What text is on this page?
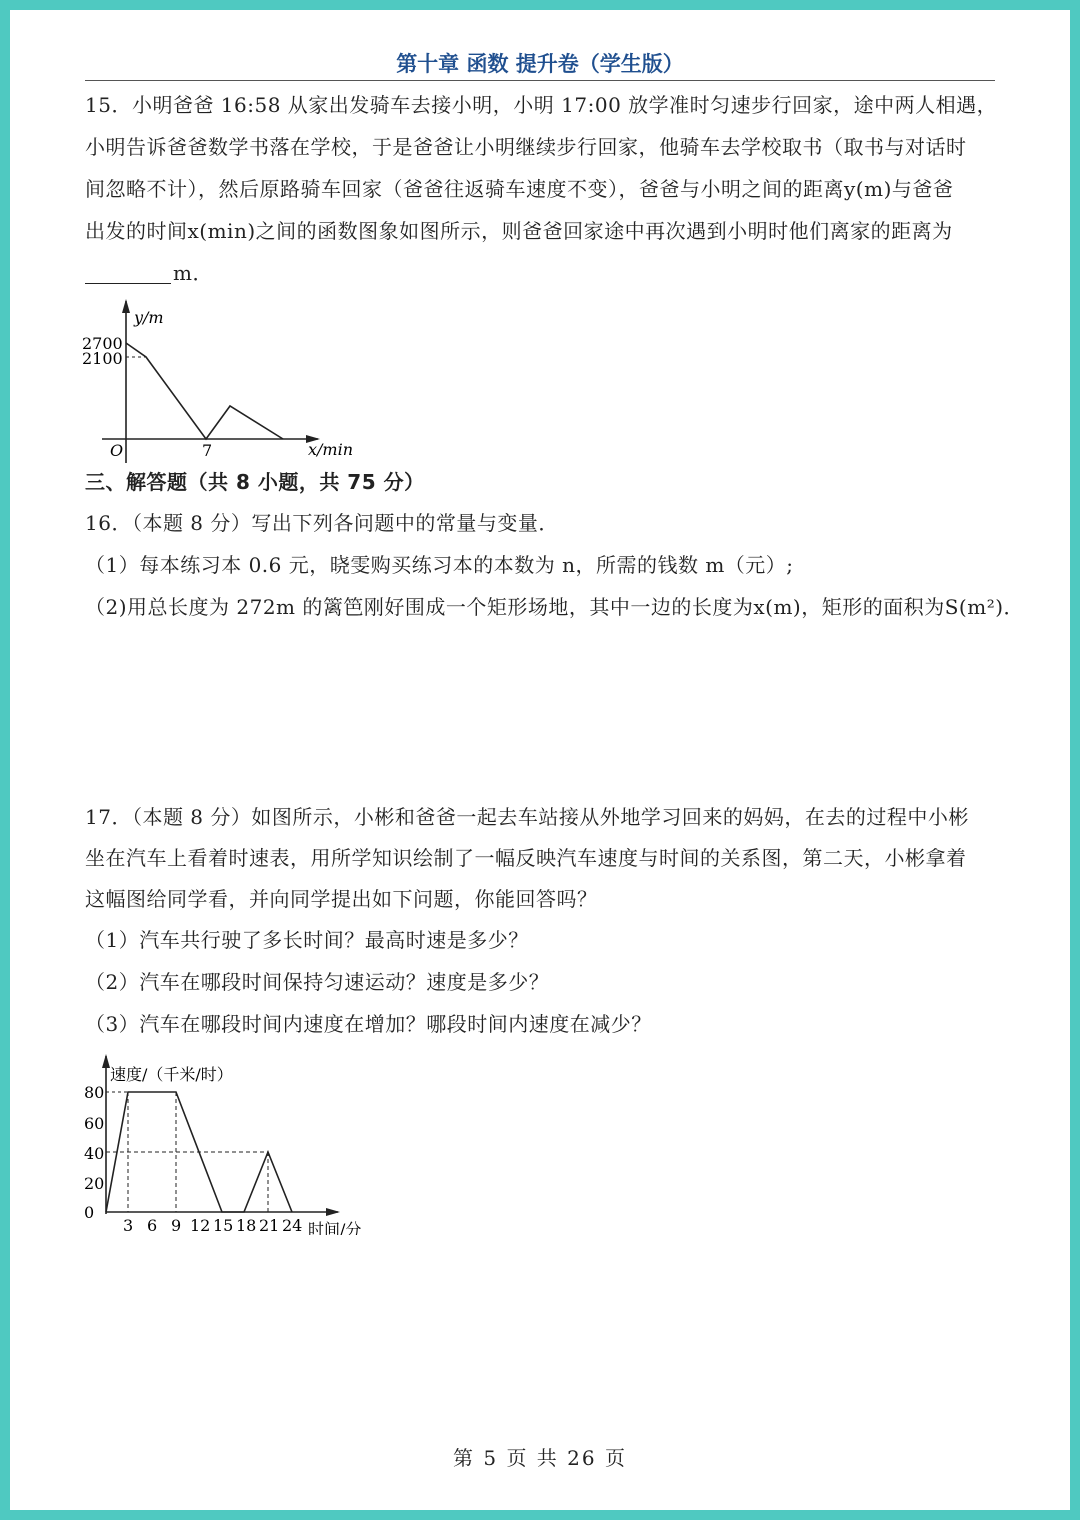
第十章 函数 提升卷（学生版）
15．小明爸爸 16:58 从家出发骑车去接小明，小明 17:00 放学准时匀速步行回家，途中两人相遇，
小明告诉爸爸数学书落在学校，于是爸爸让小明继续步行回家，他骑车去学校取书（取书与对话时
间忽略不计），然后原路骑车回家（爸爸往返骑车速度不变），爸爸与小明之间的距离y(m)与爸爸
出发的时间x(min)之间的函数图象如图所示，则爸爸回家途中再次遇到小明时他们离家的距离为
m．
y/m
2700
2100
O	7	x/min
三、解答题（共 8 小题，共 75 分）
16．（本题 8 分）写出下列各问题中的常量与变量．
（1）每本练习本 0.6 元，晓雯购买练习本的本数为 n，所需的钱数 m（元）;
（2)用总长度为 272m 的篱笆刚好围成一个矩形场地，其中一边的长度为x(m)，矩形的面积为S(m²)．
17．（本题 8 分）如图所示，小彬和爸爸一起去车站接从外地学习回来的妈妈，在去的过程中小彬
坐在汽车上看着时速表，用所学知识绘制了一幅反映汽车速度与时间的关系图，第二天，小彬拿着
这幅图给同学看，并向同学提出如下问题，你能回答吗？
（1）汽车共行驶了多长时间？最高时速是多少？
（2）汽车在哪段时间保持匀速运动？速度是多少？
（3）汽车在哪段时间内速度在增加？哪段时间内速度在减少？
速度/（千米/时）
0
20
40
60
80
3 6 9 12 15 18 21 24 时间/分
第 5 页 共 26 页
